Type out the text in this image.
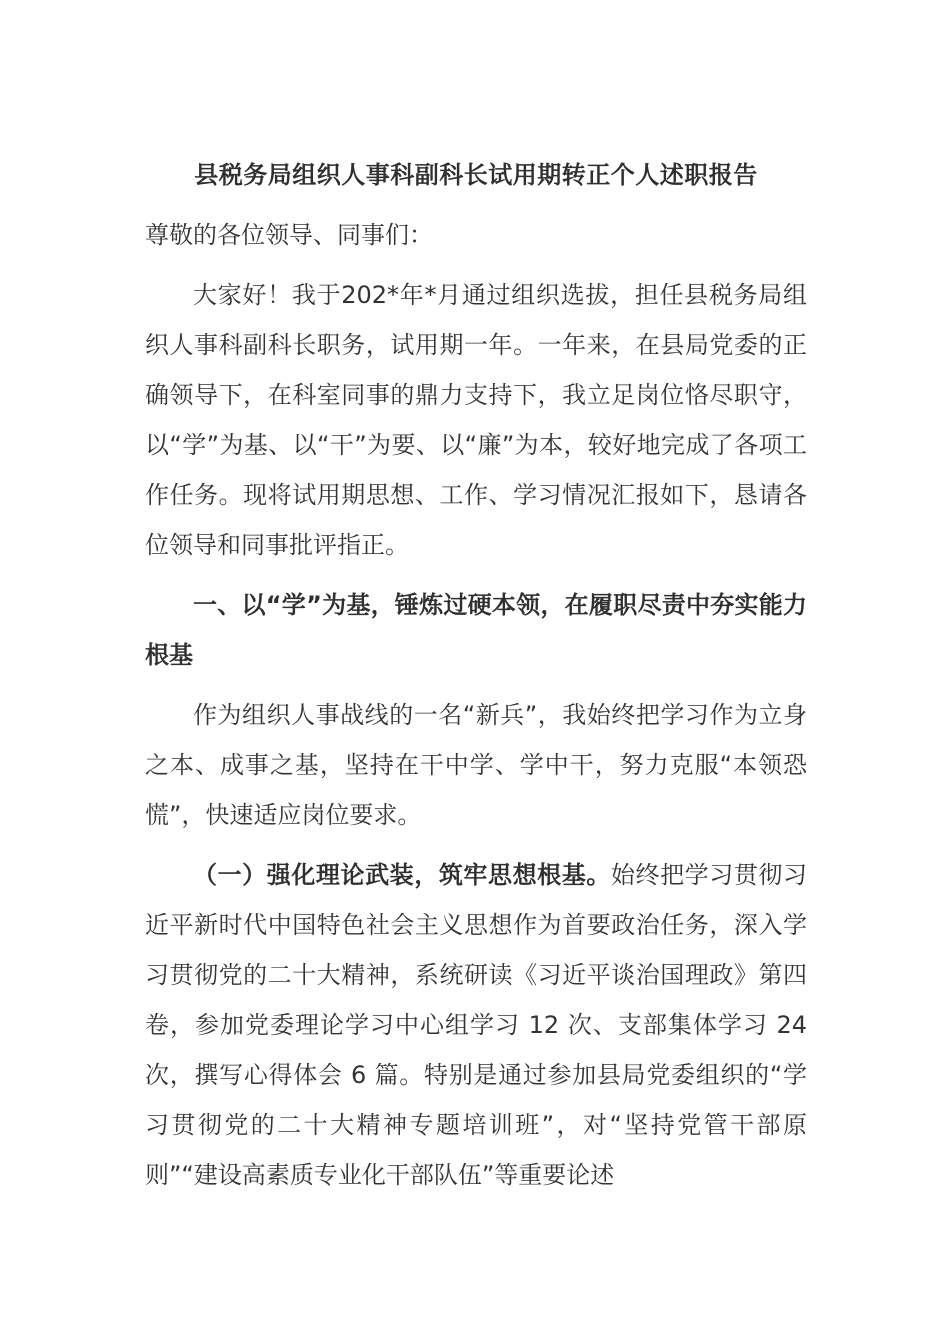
县税务局组织人事科副科长试用期转正个人述职报告

尊敬的各位领导、同事们：

大家好！我于202*年*月通过组织选拔，担任县税务局组织人事科副科长职务，试用期一年。一年来，在县局党委的正确领导下，在科室同事的鼎力支持下，我立足岗位恪尽职守，以“学”为基、以“干”为要、以“廉”为本，较好地完成了各项工作任务。现将试用期思想、工作、学习情况汇报如下，恳请各位领导和同事批评指正。

一、以“学”为基，锤炼过硬本领，在履职尽责中夯实能力根基

作为组织人事战线的一名“新兵”，我始终把学习作为立身之本、成事之基，坚持在干中学、学中干，努力克服“本领恐慌”，快速适应岗位要求。

（一）强化理论武装，筑牢思想根基。始终把学习贯彻习近平新时代中国特色社会主义思想作为首要政治任务，深入学习贯彻党的二十大精神，系统研读《习近平谈治国理政》第四卷，参加党委理论学习中心组学习 12 次、支部集体学习 24 次，撰写心得体会 6 篇。特别是通过参加县局党委组织的“学习贯彻党的二十大精神专题培训班”，对“坚持党管干部原则”“建设高素质专业化干部队伍”等重要论述
